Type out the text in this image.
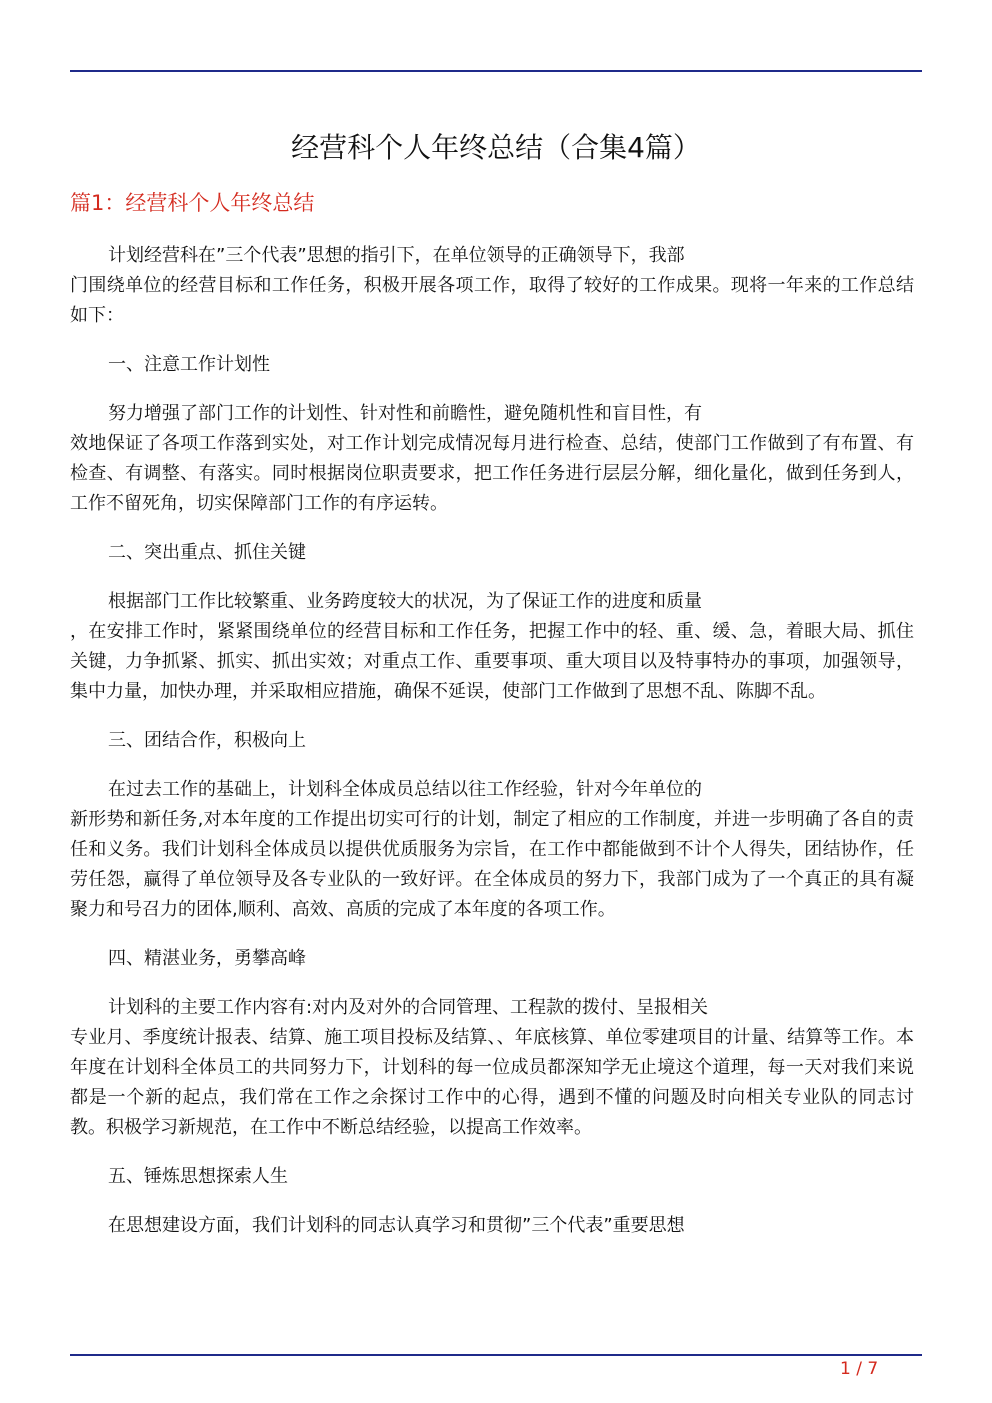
经营科个人年终总结（合集4篇）
篇1：经营科个人年终总结
计划经营科在”三个代表”思想的指引下，在单位领导的正确领导下，我部
门围绕单位的经营目标和工作任务，积极开展各项工作，取得了较好的工作成果。现将一年来的工作总结如下：
一、注意工作计划性
努力增强了部门工作的计划性、针对性和前瞻性，避免随机性和盲目性，有
效地保证了各项工作落到实处，对工作计划完成情况每月进行检查、总结，使部门工作做到了有布置、有检查、有调整、有落实。同时根据岗位职责要求，把工作任务进行层层分解，细化量化，做到任务到人，工作不留死角，切实保障部门工作的有序运转。
二、突出重点、抓住关键
根据部门工作比较繁重、业务跨度较大的状况，为了保证工作的进度和质量
，在安排工作时，紧紧围绕单位的经营目标和工作任务，把握工作中的轻、重、缓、急，着眼大局、抓住关键，力争抓紧、抓实、抓出实效；对重点工作、重要事项、重大项目以及特事特办的事项，加强领导，集中力量，加快办理，并采取相应措施，确保不延误，使部门工作做到了思想不乱、陈脚不乱。
三、团结合作，积极向上
在过去工作的基础上，计划科全体成员总结以往工作经验，针对今年单位的
新形势和新任务,对本年度的工作提出切实可行的计划，制定了相应的工作制度，并进一步明确了各自的责任和义务。我们计划科全体成员以提供优质服务为宗旨，在工作中都能做到不计个人得失，团结协作，任劳任怨，赢得了单位领导及各专业队的一致好评。在全体成员的努力下，我部门成为了一个真正的具有凝聚力和号召力的团体,顺利、高效、高质的完成了本年度的各项工作。
四、精湛业务，勇攀高峰
计划科的主要工作内容有:对内及对外的合同管理、工程款的拨付、呈报相关
专业月、季度统计报表、结算、施工项目投标及结算、、年底核算、单位零建项目的计量、结算等工作。本年度在计划科全体员工的共同努力下，计划科的每一位成员都深知学无止境这个道理，每一天对我们来说都是一个新的起点，我们常在工作之余探讨工作中的心得，遇到不懂的问题及时向相关专业队的同志讨教。积极学习新规范，在工作中不断总结经验，以提高工作效率。
五、锤炼思想探索人生
在思想建设方面，我们计划科的同志认真学习和贯彻”三个代表”重要思想
1 / 7
